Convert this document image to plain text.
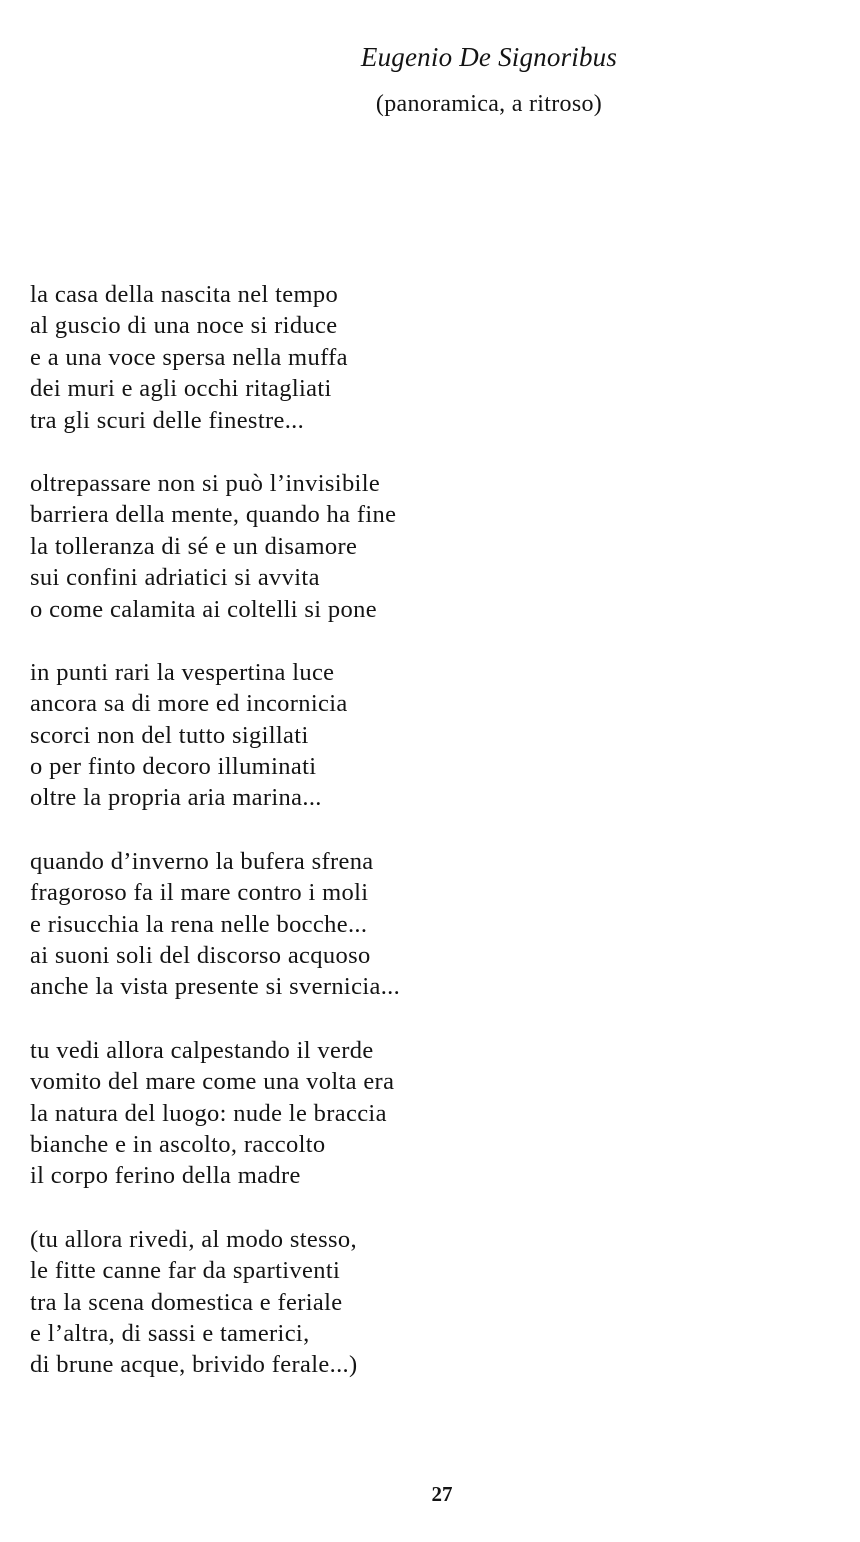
Eugenio De Signoribus
(panoramica, a ritroso)
la casa della nascita nel tempo
al guscio di una noce si riduce
e a una voce spersa nella muffa
dei muri e agli occhi ritagliati
tra gli scuri delle finestre...
oltrepassare non si può l’invisibile
barriera della mente, quando ha fine
la tolleranza di sé e un disamore
sui confini adriatici si avvita
o come calamita ai coltelli si pone
in punti rari la vespertina luce
ancora sa di more ed incornicia
scorci non del tutto sigillati
o per finto decoro illuminati
oltre la propria aria marina...
quando d’inverno la bufera sfrena
fragoroso fa il mare contro i moli
e risucchia la rena nelle bocche...
ai suoni soli del discorso acquoso
anche la vista presente si svernicia...
tu vedi allora calpestando il verde
vomito del mare come una volta era
la natura del luogo: nude le braccia
bianche e in ascolto, raccolto
il corpo ferino della madre
(tu allora rivedi, al modo stesso,
le fitte canne far da spartiventi
tra la scena domestica e feriale
e l’altra, di sassi e tamerici,
di brune acque, brivido ferale...)
27
